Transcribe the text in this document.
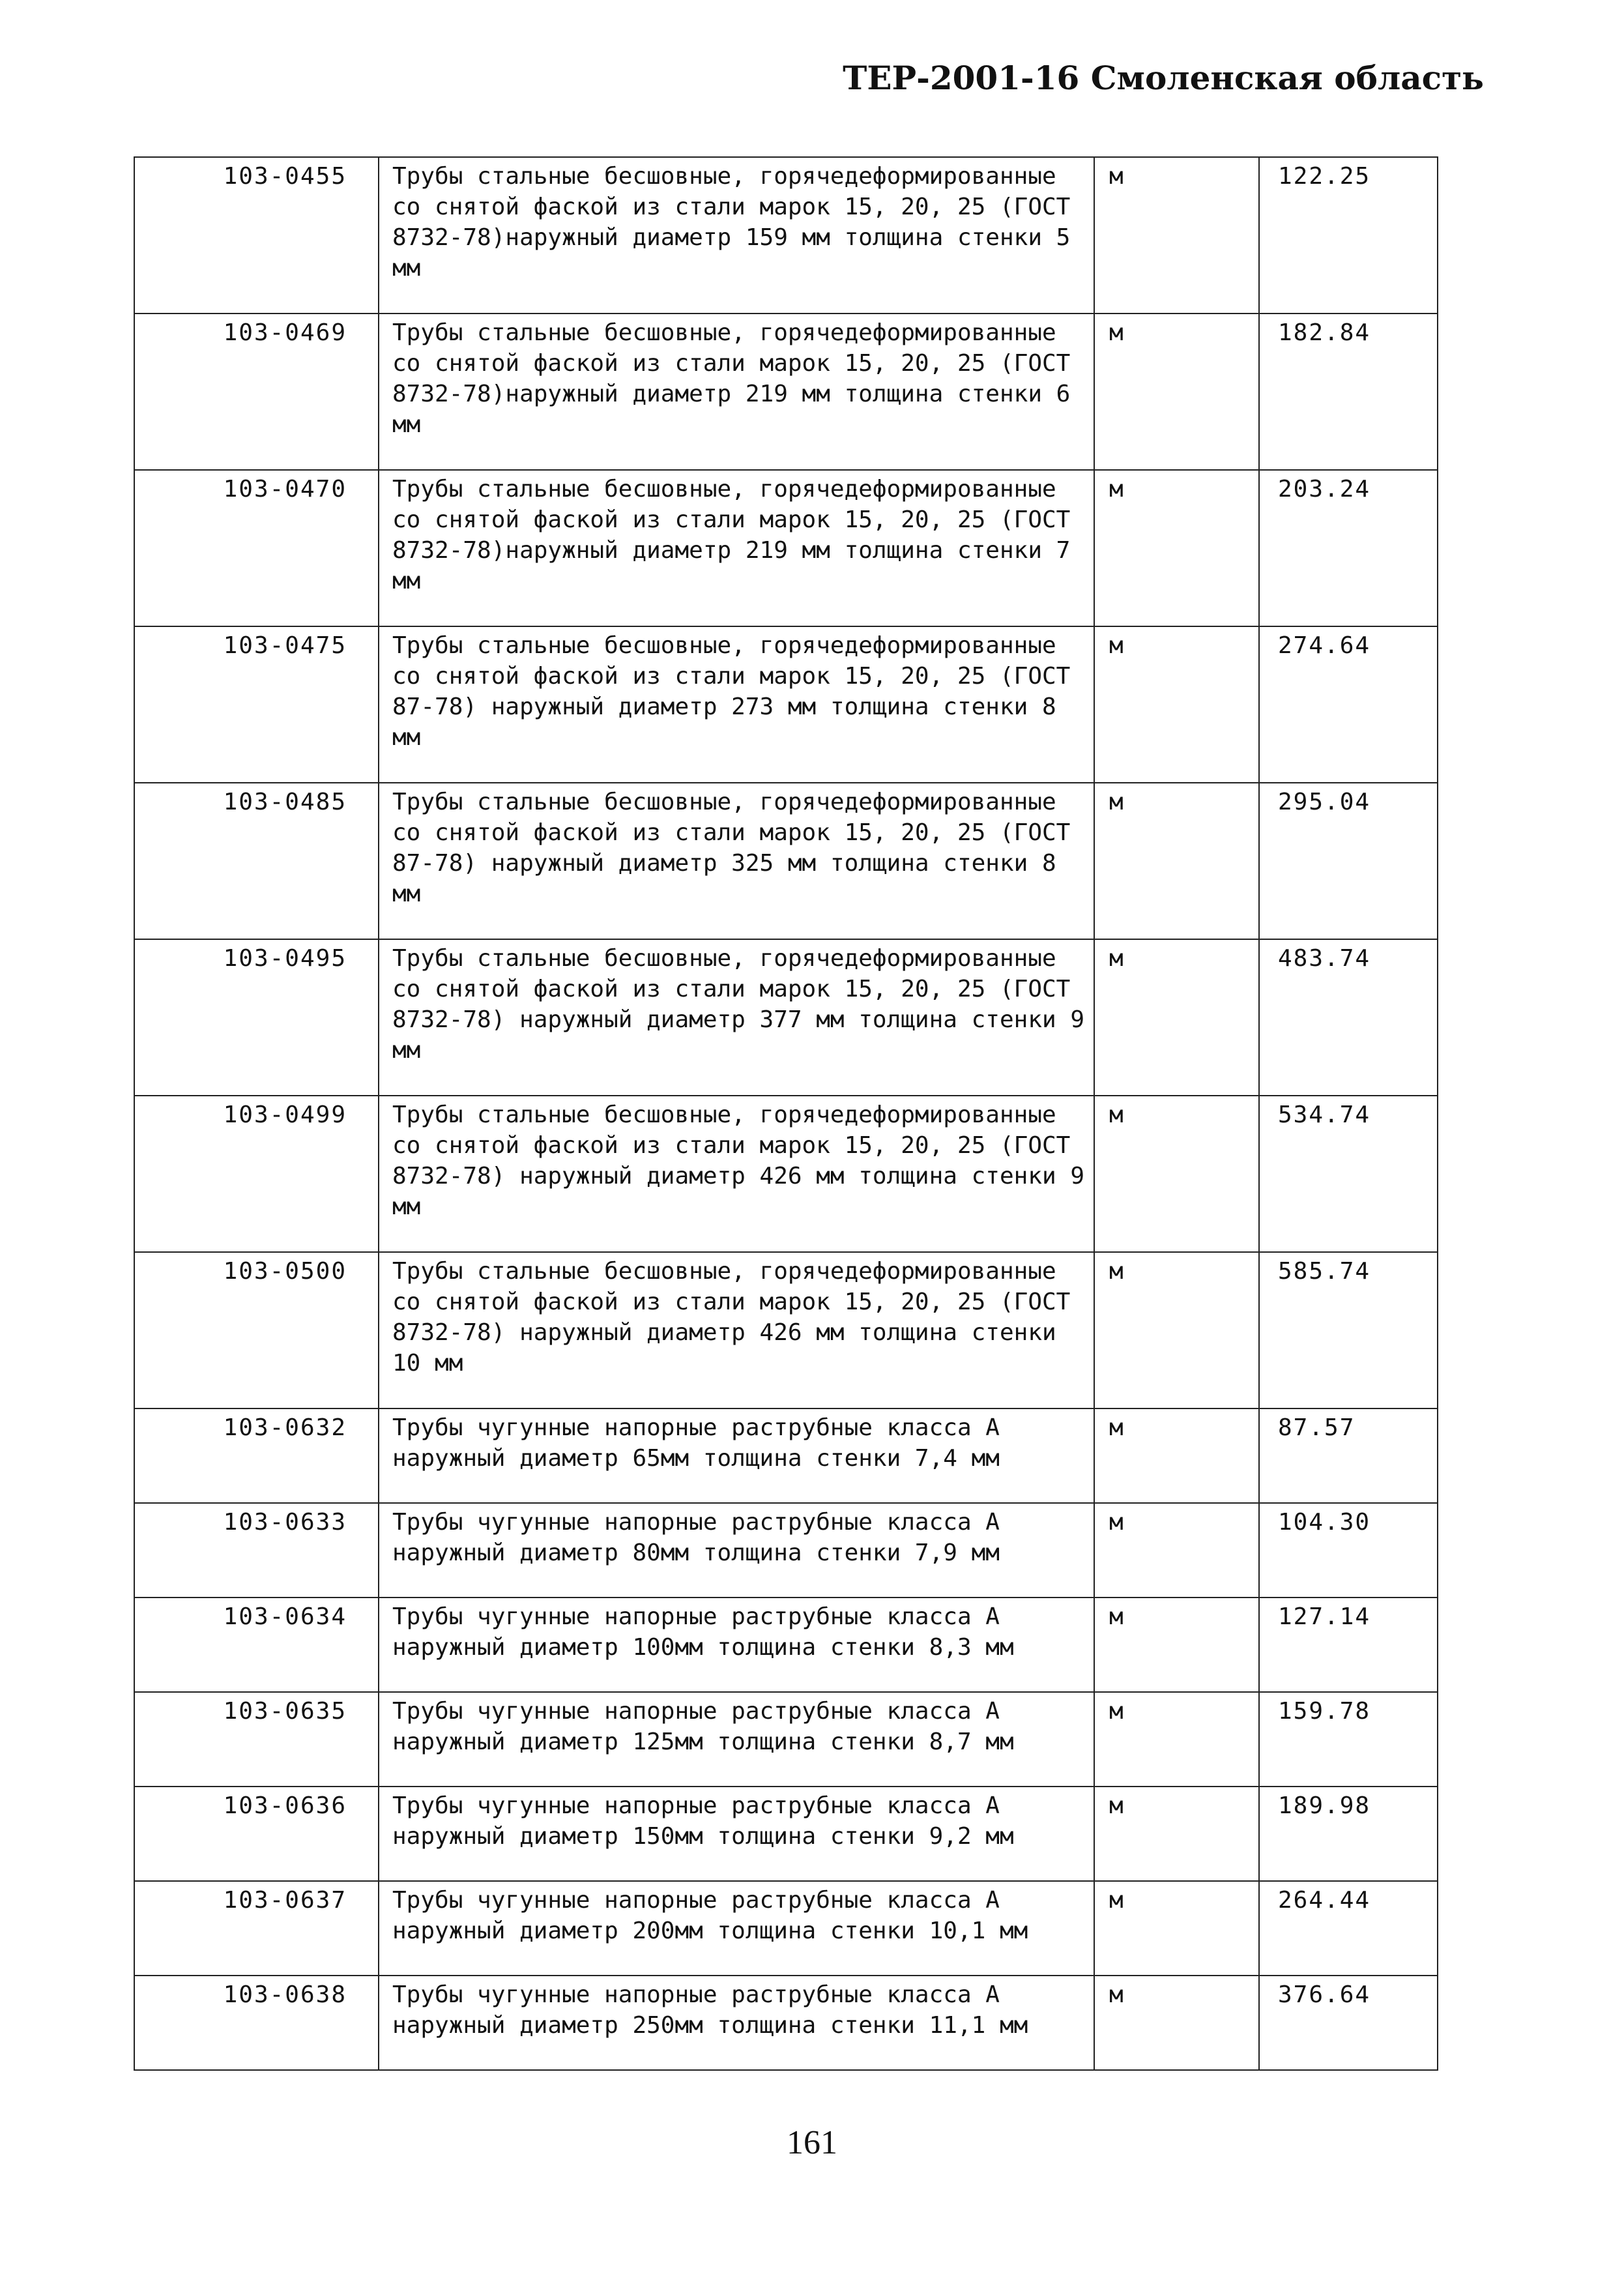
ТЕР-2001-16 Смоленская область
103-0455	Трубы стальные бесшовные, горячедеформированные со снятой фаской из стали марок 15, 20, 25 (ГОСТ 8732-78)наружный диаметр 159 мм толщина стенки 5 мм	м	122.25
103-0469	Трубы стальные бесшовные, горячедеформированные со снятой фаской из стали марок 15, 20, 25 (ГОСТ 8732-78)наружный диаметр 219 мм толщина стенки 6 мм	м	182.84
103-0470	Трубы стальные бесшовные, горячедеформированные со снятой фаской из стали марок 15, 20, 25 (ГОСТ 8732-78)наружный диаметр 219 мм толщина стенки 7 мм	м	203.24
103-0475	Трубы стальные бесшовные, горячедеформированные со снятой фаской из стали марок 15, 20, 25 (ГОСТ 87-78) наружный диаметр 273 мм толщина стенки 8 мм	м	274.64
103-0485	Трубы стальные бесшовные, горячедеформированные со снятой фаской из стали марок 15, 20, 25 (ГОСТ 87-78) наружный диаметр 325 мм толщина стенки 8 мм	м	295.04
103-0495	Трубы стальные бесшовные, горячедеформированные со снятой фаской из стали марок 15, 20, 25 (ГОСТ 8732-78) наружный диаметр 377 мм толщина стенки 9 мм	м	483.74
103-0499	Трубы стальные бесшовные, горячедеформированные со снятой фаской из стали марок 15, 20, 25 (ГОСТ 8732-78) наружный диаметр 426 мм толщина стенки 9 мм	м	534.74
103-0500	Трубы стальные бесшовные, горячедеформированные со снятой фаской из стали марок 15, 20, 25 (ГОСТ 8732-78) наружный диаметр 426 мм толщина стенки 10 мм	м	585.74
103-0632	Трубы чугунные напорные раструбные класса А наружный диаметр 65мм толщина стенки 7,4 мм	м	87.57
103-0633	Трубы чугунные напорные раструбные класса А наружный диаметр 80мм толщина стенки 7,9 мм	м	104.30
103-0634	Трубы чугунные напорные раструбные класса А наружный диаметр 100мм толщина стенки 8,3 мм	м	127.14
103-0635	Трубы чугунные напорные раструбные класса А наружный диаметр 125мм толщина стенки 8,7 мм	м	159.78
103-0636	Трубы чугунные напорные раструбные класса А наружный диаметр 150мм толщина стенки 9,2 мм	м	189.98
103-0637	Трубы чугунные напорные раструбные класса А наружный диаметр 200мм толщина стенки 10,1 мм	м	264.44
103-0638	Трубы чугунные напорные раструбные класса А наружный диаметр 250мм толщина стенки 11,1 мм	м	376.64
161
